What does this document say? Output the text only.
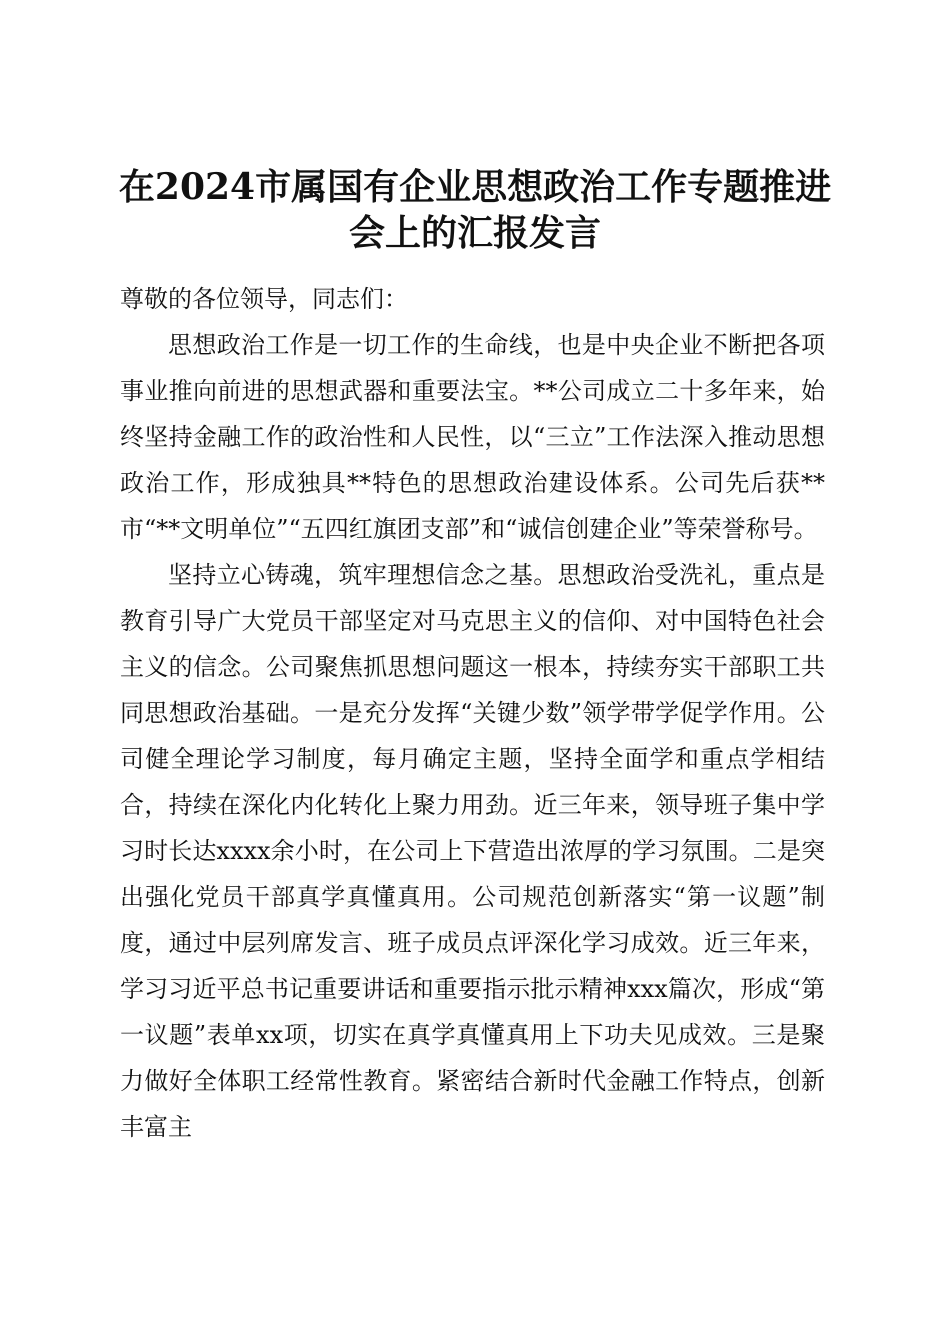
在2024市属国有企业思想政治工作专题推进
会上的汇报发言

尊敬的各位领导，同志们：

思想政治工作是一切工作的生命线，也是中央企业不断把各项事业推向前进的思想武器和重要法宝。**公司成立二十多年来，始终坚持金融工作的政治性和人民性，以“三立”工作法深入推动思想政治工作，形成独具**特色的思想政治建设体系。公司先后获**市“**文明单位”“五四红旗团支部”和“诚信创建企业”等荣誉称号。

坚持立心铸魂，筑牢理想信念之基。思想政治受洗礼，重点是教育引导广大党员干部坚定对马克思主义的信仰、对中国特色社会主义的信念。公司聚焦抓思想问题这一根本，持续夯实干部职工共同思想政治基础。一是充分发挥“关键少数”领学带学促学作用。公司健全理论学习制度，每月确定主题，坚持全面学和重点学相结合，持续在深化内化转化上聚力用劲。近三年来，领导班子集中学习时长达xxxx余小时，在公司上下营造出浓厚的学习氛围。二是突出强化党员干部真学真懂真用。公司规范创新落实“第一议题”制度，通过中层列席发言、班子成员点评深化学习成效。近三年来，学习习近平总书记重要讲话和重要指示批示精神xxx篇次，形成“第一议题”表单xx项，切实在真学真懂真用上下功夫见成效。三是聚力做好全体职工经常性教育。紧密结合新时代金融工作特点，创新丰富主
